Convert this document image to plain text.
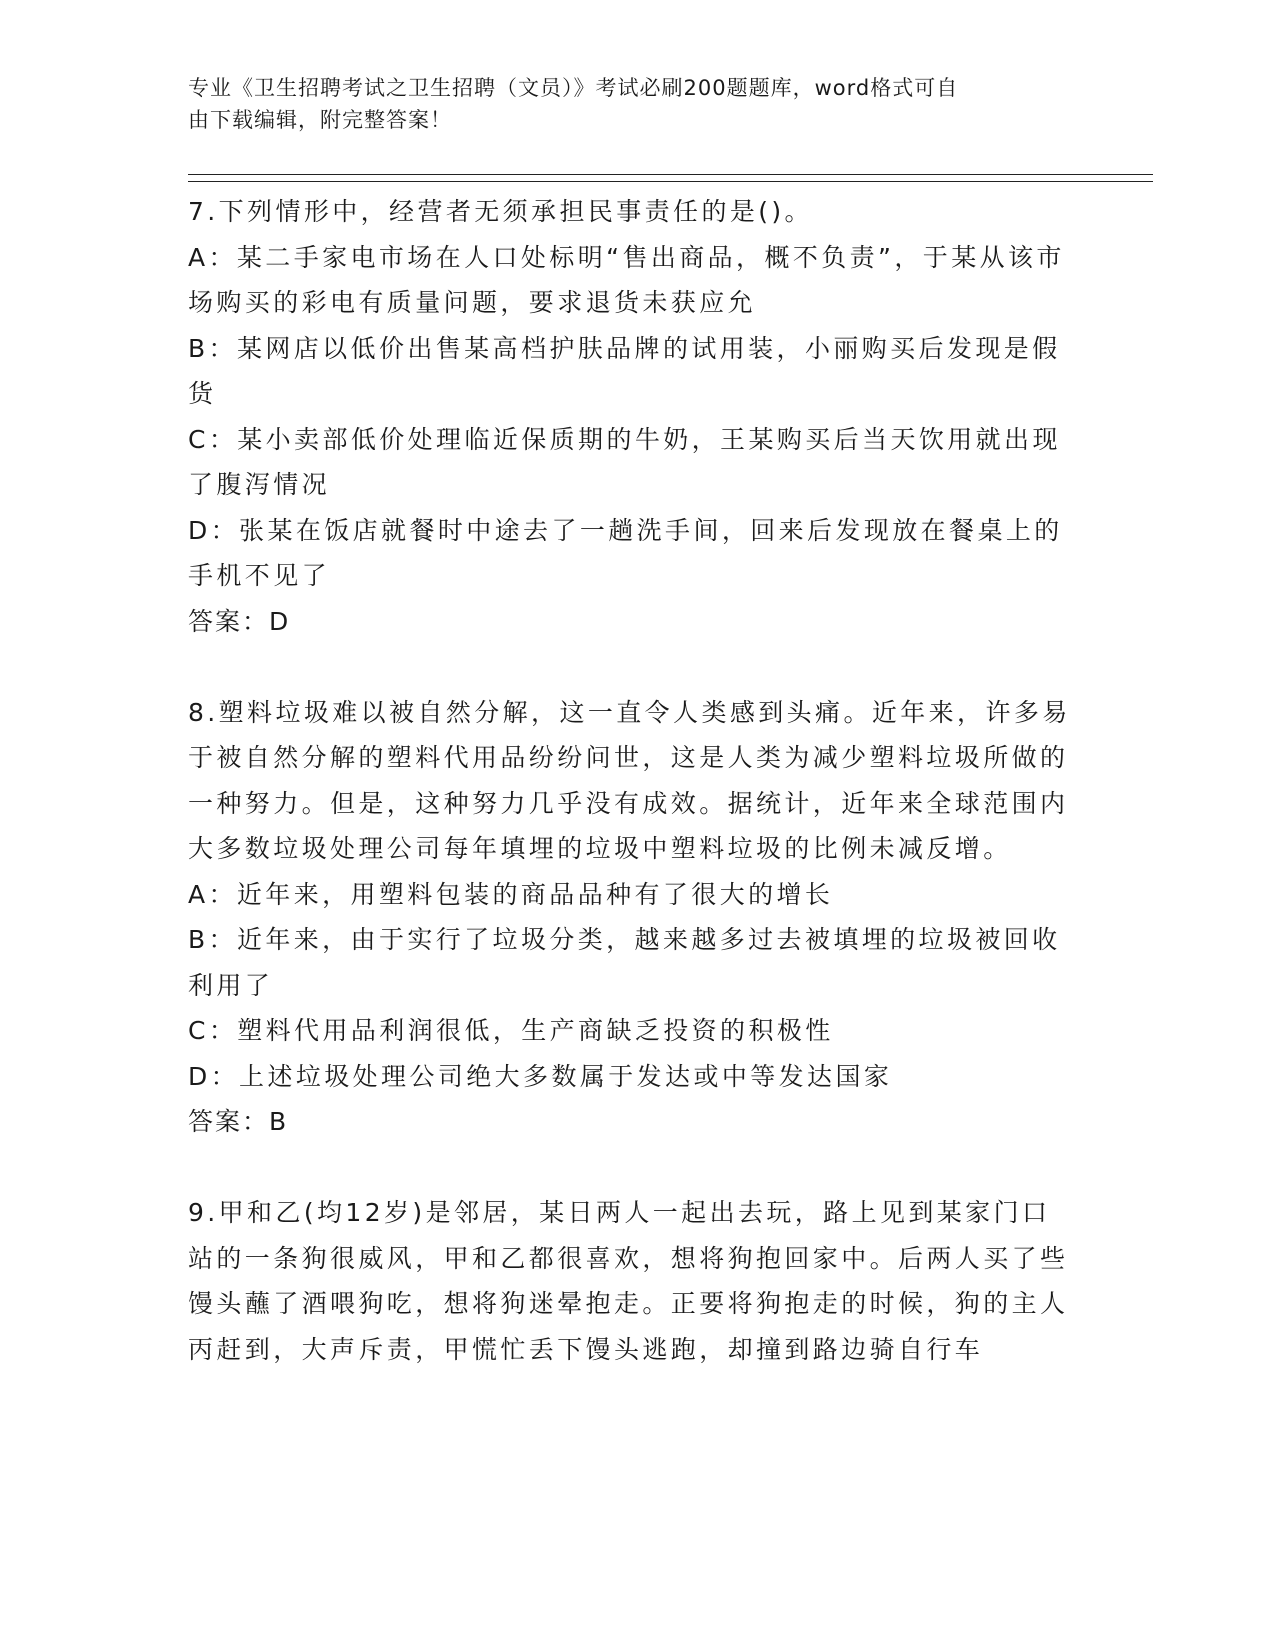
专业《卫生招聘考试之卫生招聘（文员）》考试必刷200题题库，word格式可自
由下载编辑，附完整答案！
7.下列情形中，经营者无须承担民事责任的是()。
A：某二手家电市场在人口处标明“售出商品，概不负责”，于某从该市场购买的彩电有质量问题，要求退货未获应允
B：某网店以低价出售某高档护肤品牌的试用装，小丽购买后发现是假货
C：某小卖部低价处理临近保质期的牛奶，王某购买后当天饮用就出现了腹泻情况
D：张某在饭店就餐时中途去了一趟洗手间，回来后发现放在餐桌上的手机不见了
答案：D
8.塑料垃圾难以被自然分解，这一直令人类感到头痛。近年来，许多易于被自然分解的塑料代用品纷纷问世，这是人类为减少塑料垃圾所做的一种努力。但是，这种努力几乎没有成效。据统计，近年来全球范围内大多数垃圾处理公司每年填埋的垃圾中塑料垃圾的比例未减反增。
A：近年来，用塑料包装的商品品种有了很大的增长
B：近年来，由于实行了垃圾分类，越来越多过去被填埋的垃圾被回收利用了
C：塑料代用品利润很低，生产商缺乏投资的积极性
D：上述垃圾处理公司绝大多数属于发达或中等发达国家
答案：B
9.甲和乙(均12岁)是邻居，某日两人一起出去玩，路上见到某家门口站的一条狗很威风，甲和乙都很喜欢，想将狗抱回家中。后两人买了些馒头蘸了酒喂狗吃，想将狗迷晕抱走。正要将狗抱走的时候，狗的主人丙赶到，大声斥责，甲慌忙丢下馒头逃跑，却撞到路边骑自行车
